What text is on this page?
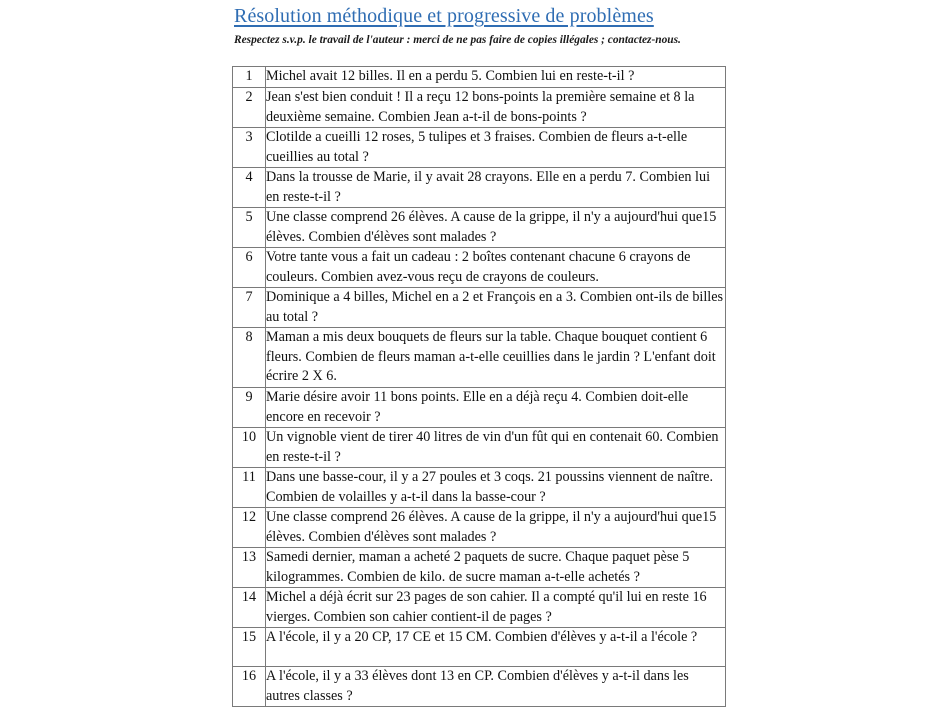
Résolution méthodique et progressive de problèmes
Respectez s.v.p. le travail de l'auteur : merci de ne pas faire de copies illégales ; contactez-nous.
1	Michel avait 12 billes. Il en a perdu 5. Combien lui en reste-t-il ?
2	Jean s'est bien conduit ! Il a reçu 12 bons-points la première semaine et 8 la deuxième semaine. Combien Jean a-t-il de bons-points ?
3	Clotilde a cueilli 12 roses, 5 tulipes et 3 fraises. Combien de fleurs a-t-elle cueillies au total ?
4	Dans la trousse de Marie, il y avait 28 crayons. Elle en a perdu 7. Combien lui en reste-t-il ?
5	Une classe comprend 26 élèves. A cause de la grippe, il n'y a aujourd'hui que15 élèves. Combien d'élèves sont malades ?
6	Votre tante vous a fait un cadeau : 2 boîtes contenant chacune 6 crayons de couleurs. Combien avez-vous reçu de crayons de couleurs.
7	Dominique a 4 billes, Michel en a 2 et François en a 3. Combien ont-ils de billes au total ?
8	Maman a mis deux bouquets de fleurs sur la table. Chaque bouquet contient 6 fleurs. Combien de fleurs maman a-t-elle ceuillies dans le jardin ? L'enfant doit écrire 2 X 6.
9	Marie désire avoir 11 bons points. Elle en a déjà reçu 4. Combien doit-elle encore en recevoir ?
10	Un vignoble vient de tirer 40 litres de vin d'un fût qui en contenait 60. Combien en reste-t-il ?
11	Dans une basse-cour, il y a 27 poules et 3 coqs. 21 poussins viennent de naître. Combien de volailles y a-t-il dans la basse-cour ?
12	Une classe comprend 26 élèves. A cause de la grippe, il n'y a aujourd'hui que15 élèves. Combien d'élèves sont malades ?
13	Samedi dernier, maman a acheté 2 paquets de sucre. Chaque paquet pèse 5 kilogrammes. Combien de kilo. de sucre maman a-t-elle achetés ?
14	Michel a déjà écrit sur 23 pages de son cahier. Il a compté qu'il lui en reste 16 vierges. Combien son cahier contient-il de pages ?
15	A l'école, il y a 20 CP, 17 CE et 15 CM. Combien d'élèves y a-t-il a l'école ?
16	A l'école, il y a 33 élèves dont 13 en CP. Combien d'élèves y a-t-il dans les autres classes ?
